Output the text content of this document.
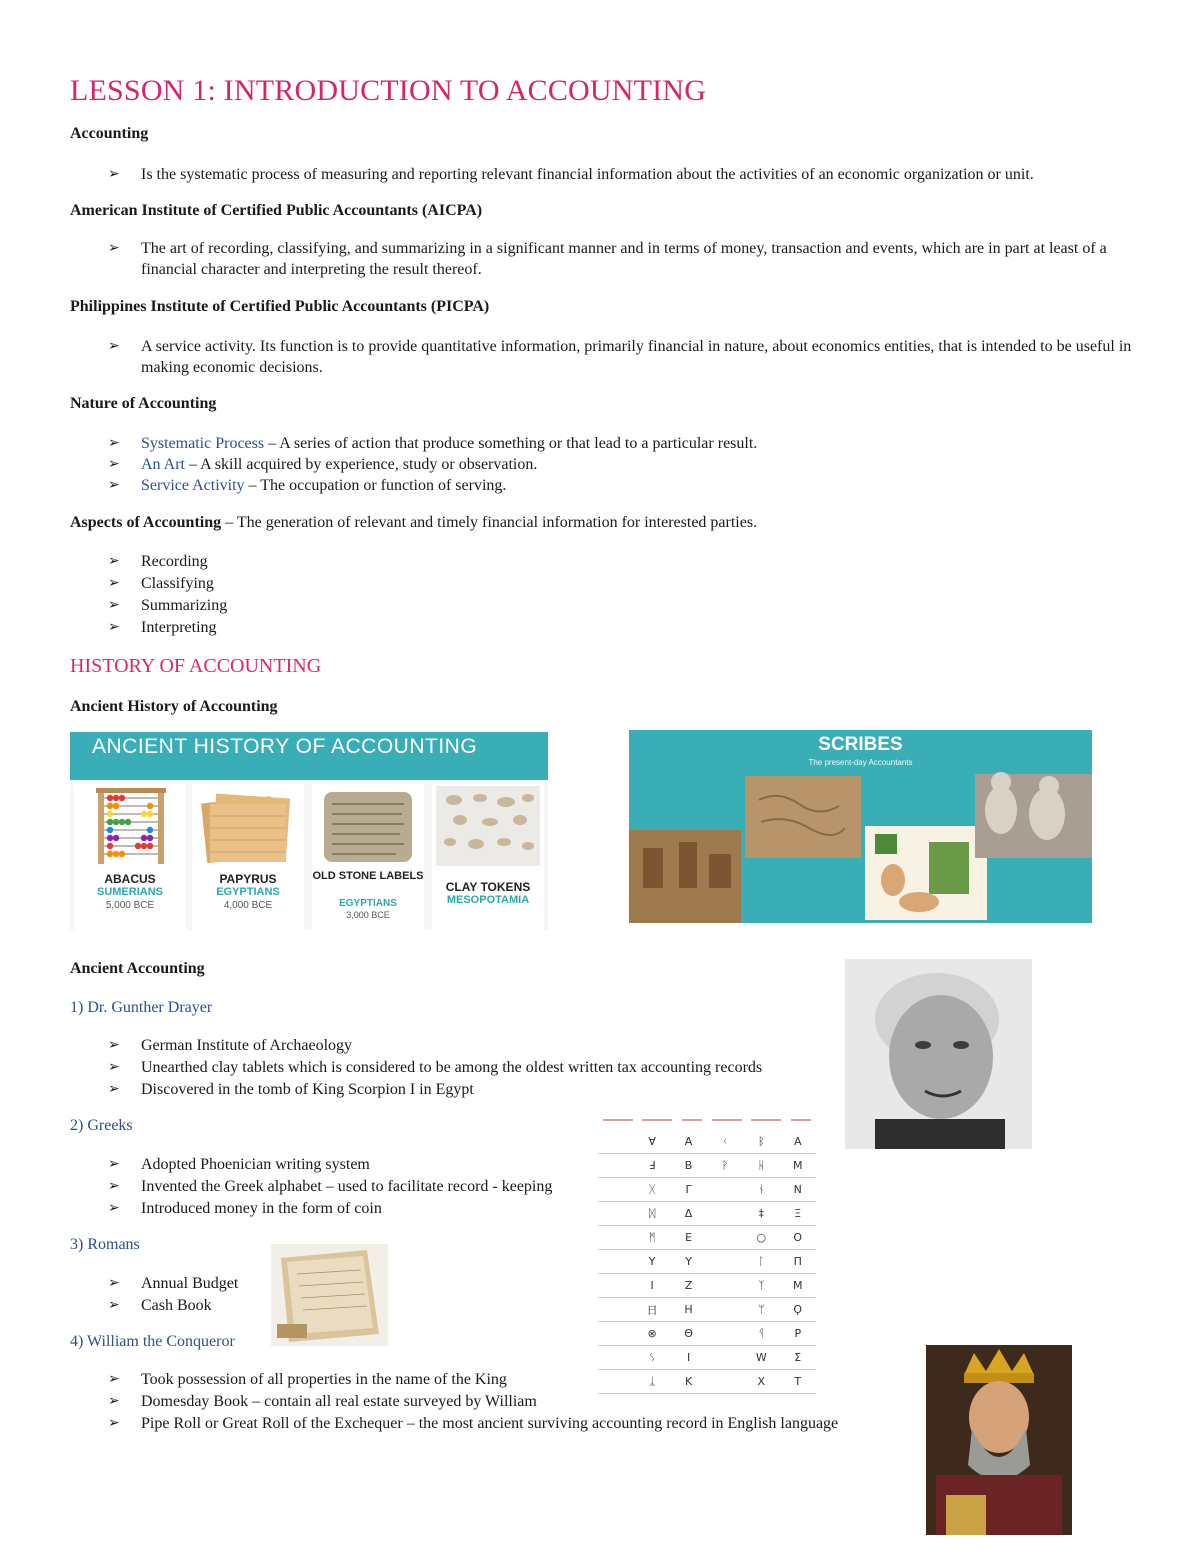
LESSON 1: INTRODUCTION TO ACCOUNTING
Accounting
➢ Is the systematic process of measuring and reporting relevant financial information about the activities of an economic organization or unit.
American Institute of Certified Public Accountants (AICPA)
➢ The art of recording, classifying, and summarizing in a significant manner and in terms of money, transaction and events, which are in part at least of a financial character and interpreting the result thereof.
Philippines Institute of Certified Public Accountants (PICPA)
➢ A service activity. Its function is to provide quantitative information, primarily financial in nature, about economics entities, that is intended to be useful in making economic decisions.
Nature of Accounting
➢ Systematic Process – A series of action that produce something or that lead to a particular result.
➢ An Art – A skill acquired by experience, study or observation.
➢ Service Activity – The occupation or function of serving.
Aspects of Accounting – The generation of relevant and timely financial information for interested parties.
➢ Recording
➢ Classifying
➢ Summarizing
➢ Interpreting
HISTORY OF ACCOUNTING
Ancient History of Accounting
ANCIENT HISTORY OF ACCOUNTING
ABACUS
SUMERIANS
5,000 BCE
PAPYRUS
EGYPTIANS
4,000 BCE
OLD STONE LABELS
EGYPTIANS
3,000 BCE
CLAY TOKENS
MESOPOTAMIA
SCRIBES
The present-day Accountants
Ancient Accounting
1) Dr. Gunther Drayer
➢ German Institute of Archaeology
➢ Unearthed clay tablets which is considered to be among the oldest written tax accounting records
➢ Discovered in the tomb of King Scorpion I in Egypt
	Ɐ	A	ᚲ	ᛒ	A
	Ⅎ	B	ᚹ	ᚺ	M
	ᚷ	Γ		ᚾ	N
	ᛞ	Δ		‡	Ξ
	ᛗ	E		○	O
	Y	Y		ᛚ	Π
	I	Z		ᛉ	M
	日	H		ᛘ	Ϙ
	⊗	Θ		ᛩ	P
	ᛊ	I		W	Σ
	ᛣ	K		X	T
2) Greeks
➢ Adopted Phoenician writing system
➢ Invented the Greek alphabet – used to facilitate record - keeping
➢ Introduced money in the form of coin
3) Romans
➢ Annual Budget
➢ Cash Book
4) William the Conqueror
➢ Took possession of all properties in the name of the King
➢ Domesday Book – contain all real estate surveyed by William
➢ Pipe Roll or Great Roll of the Exchequer – the most ancient surviving accounting record in English language
